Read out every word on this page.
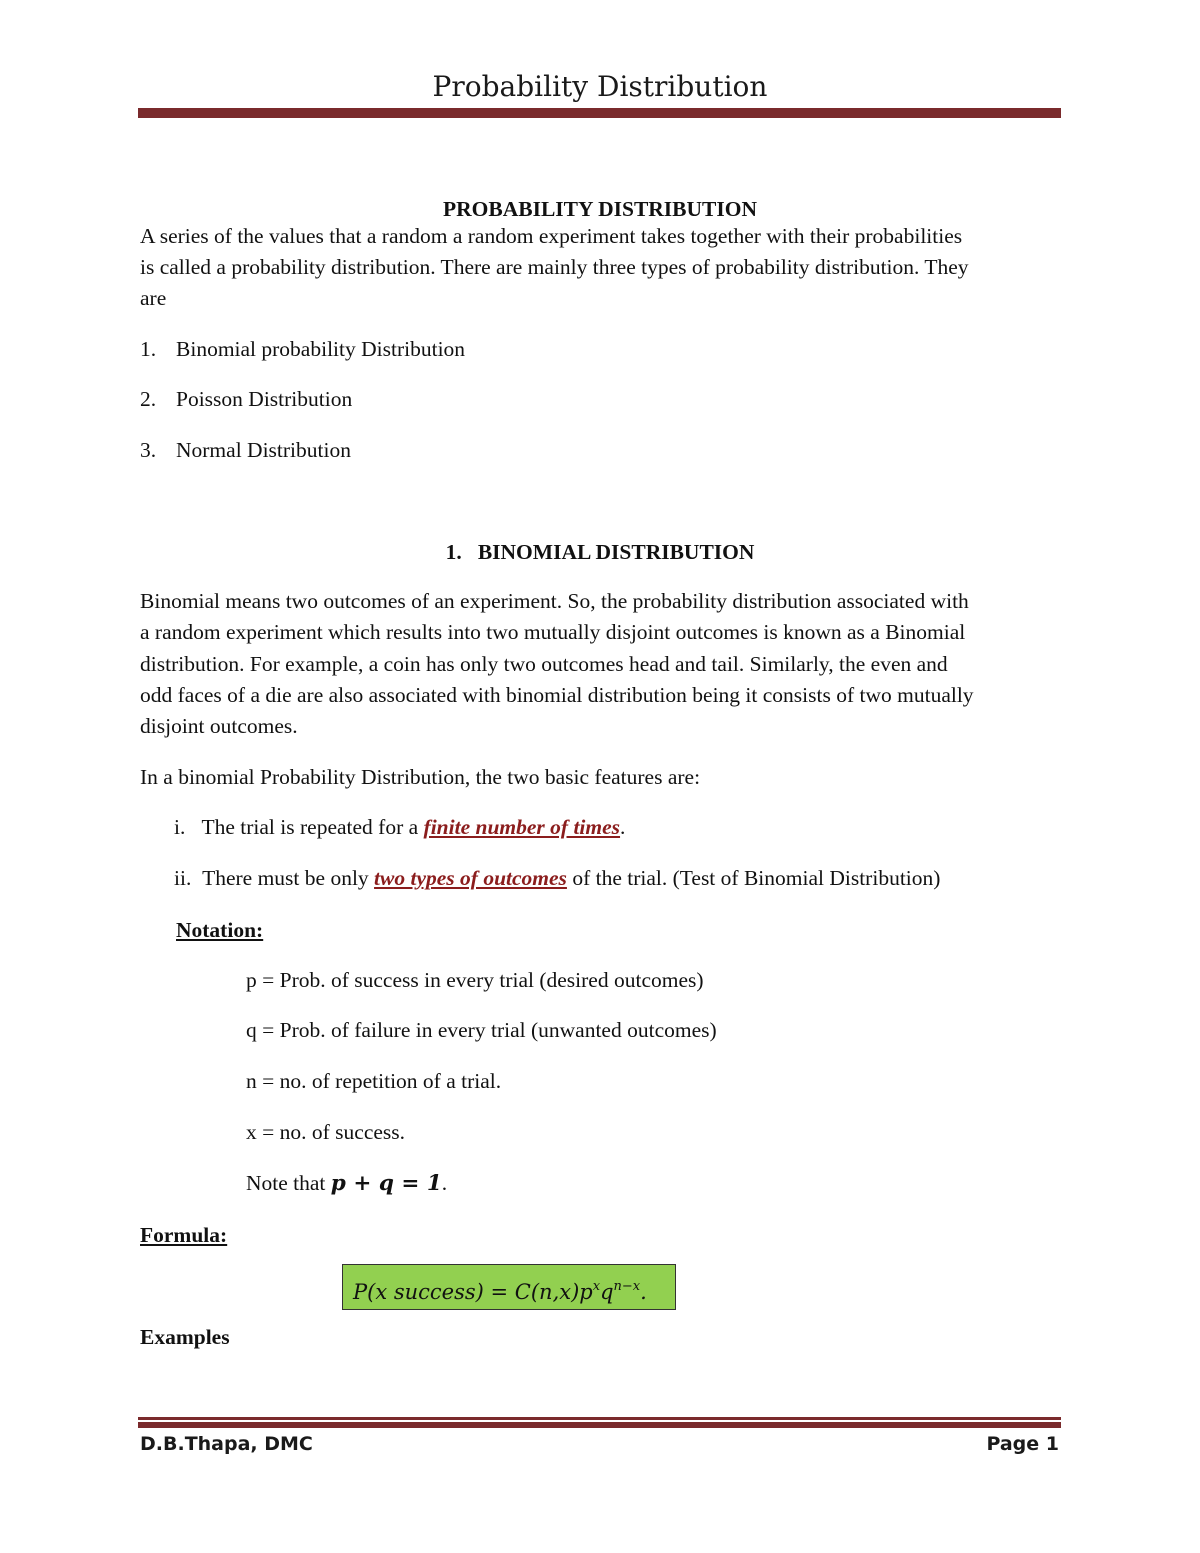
Probability Distribution
PROBABILITY DISTRIBUTION
A series of the values that a random a random experiment takes together with their probabilities
is called a probability distribution. There are mainly three types of probability distribution. They
are
1. Binomial probability Distribution
2. Poisson Distribution
3. Normal Distribution
1. BINOMIAL DISTRIBUTION
Binomial means two outcomes of an experiment. So, the probability distribution associated with
a random experiment which results into two mutually disjoint outcomes is known as a Binomial
distribution. For example, a coin has only two outcomes head and tail. Similarly, the even and
odd faces of a die are also associated with binomial distribution being it consists of two mutually
disjoint outcomes.
In a binomial Probability Distribution, the two basic features are:
i. The trial is repeated for a finite number of times.
ii. There must be only two types of outcomes of the trial. (Test of Binomial Distribution)
Notation:
p = Prob. of success in every trial (desired outcomes)
q = Prob. of failure in every trial (unwanted outcomes)
n = no. of repetition of a trial.
x = no. of success.
Note that p + q = 1.
Formula:
P(x success) = $C(n,x)p^xq^{n-x}$.
Examples
D.B.Thapa, DMC	Page 1
